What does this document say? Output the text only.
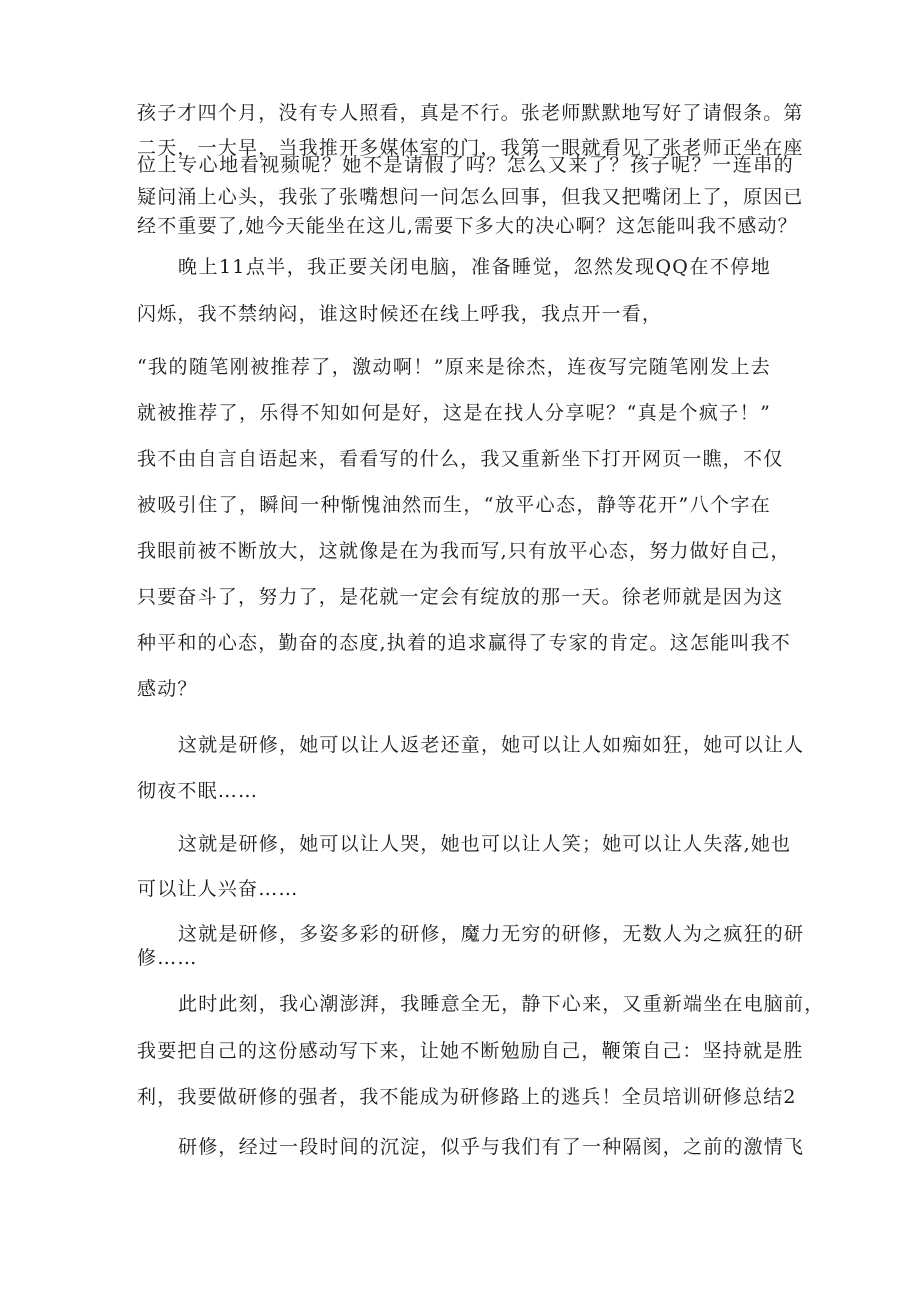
孩子才四个月，没有专人照看，真是不行。张老师默默地写好了请假条。第
二天，一大早，当我推开多媒体室的门，我第一眼就看见了张老师正坐在座
位上专心地看视频呢？她不是请假了吗？怎么又来了？孩子呢？一连串的
疑问涌上心头，我张了张嘴想问一问怎么回事，但我又把嘴闭上了，原因已
经不重要了,她今天能坐在这儿,需要下多大的决心啊？这怎能叫我不感动？
晚上11点半，我正要关闭电脑，准备睡觉，忽然发现QQ在不停地
闪烁，我不禁纳闷，谁这时候还在线上呼我，我点开一看，
“我的随笔刚被推荐了，激动啊！”原来是徐杰，连夜写完随笔刚发上去
就被推荐了，乐得不知如何是好，这是在找人分享呢？“真是个疯子！”
我不由自言自语起来，看看写的什么，我又重新坐下打开网页一瞧，不仅
被吸引住了，瞬间一种惭愧油然而生，“放平心态，静等花开”八个字在
我眼前被不断放大，这就像是在为我而写,只有放平心态，努力做好自己，
只要奋斗了，努力了，是花就一定会有绽放的那一天。徐老师就是因为这
种平和的心态，勤奋的态度,执着的追求赢得了专家的肯定。这怎能叫我不
感动？
这就是研修，她可以让人返老还童，她可以让人如痴如狂，她可以让人
彻夜不眠……
这就是研修，她可以让人哭，她也可以让人笑；她可以让人失落,她也
可以让人兴奋……
这就是研修，多姿多彩的研修，魔力无穷的研修，无数人为之疯狂的研
修……
此时此刻，我心潮澎湃，我睡意全无，静下心来，又重新端坐在电脑前，
我要把自己的这份感动写下来，让她不断勉励自己，鞭策自己：坚持就是胜
利，我要做研修的强者，我不能成为研修路上的逃兵！全员培训研修总结2
研修，经过一段时间的沉淀，似乎与我们有了一种隔阂，之前的激情飞
